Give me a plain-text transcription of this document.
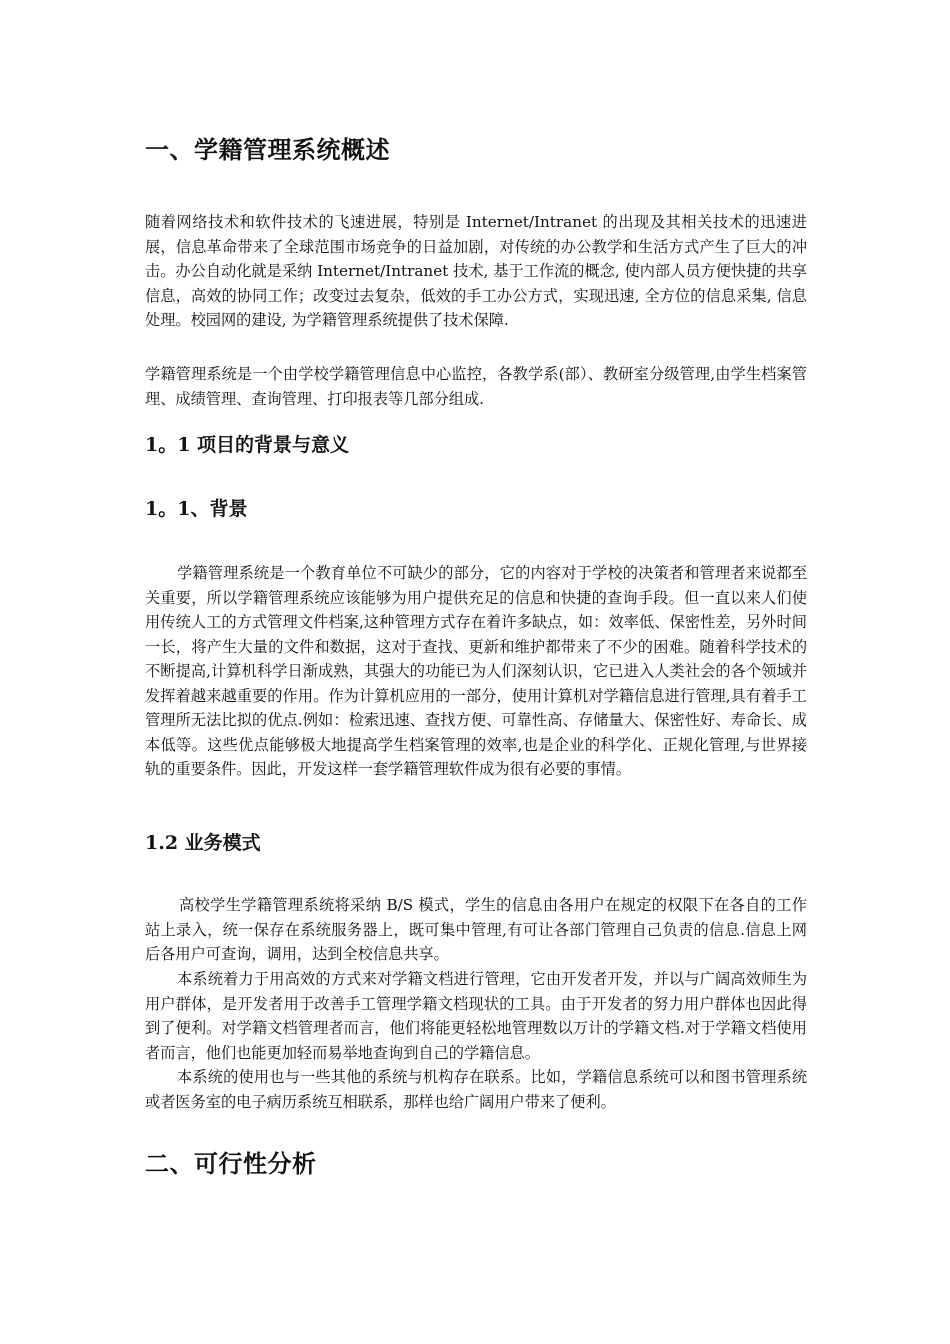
一、学籍管理系统概述

随着网络技术和软件技术的飞速进展，特别是 Internet/Intranet 的出现及其相关技术的迅速进展，信息革命带来了全球范围市场竞争的日益加剧，对传统的办公教学和生活方式产生了巨大的冲击。办公自动化就是采纳 Internet/Intranet 技术, 基于工作流的概念, 使内部人员方便快捷的共享信息，高效的协同工作；改变过去复杂，低效的手工办公方式，实现迅速, 全方位的信息采集, 信息处理。校园网的建设, 为学籍管理系统提供了技术保障.

学籍管理系统是一个由学校学籍管理信息中心监控，各教学系(部）、教研室分级管理,由学生档案管理、成绩管理、查询管理、打印报表等几部分组成.

1。1 项目的背景与意义
1。1、背景

学籍管理系统是一个教育单位不可缺少的部分，它的内容对于学校的决策者和管理者来说都至关重要，所以学籍管理系统应该能够为用户提供充足的信息和快捷的查询手段。但一直以来人们使用传统人工的方式管理文件档案,这种管理方式存在着许多缺点，如：效率低、保密性差，另外时间一长，将产生大量的文件和数据，这对于查找、更新和维护都带来了不少的困难。随着科学技术的不断提高,计算机科学日渐成熟，其强大的功能已为人们深刻认识，它已进入人类社会的各个领域并发挥着越来越重要的作用。作为计算机应用的一部分，使用计算机对学籍信息进行管理,具有着手工管理所无法比拟的优点.例如：检索迅速、查找方便、可靠性高、存储量大、保密性好、寿命长、成本低等。这些优点能够极大地提高学生档案管理的效率,也是企业的科学化、正规化管理,与世界接轨的重要条件。因此，开发这样一套学籍管理软件成为很有必要的事情。

1.2 业务模式

高校学生学籍管理系统将采纳 B/S 模式，学生的信息由各用户在规定的权限下在各自的工作站上录入，统一保存在系统服务器上，既可集中管理,有可让各部门管理自己负责的信息.信息上网后各用户可查询，调用，达到全校信息共享。

本系统着力于用高效的方式来对学籍文档进行管理，它由开发者开发，并以与广阔高效师生为用户群体，是开发者用于改善手工管理学籍文档现状的工具。由于开发者的努力用户群体也因此得到了便利。对学籍文档管理者而言，他们将能更轻松地管理数以万计的学籍文档.对于学籍文档使用者而言，他们也能更加轻而易举地查询到自己的学籍信息。

本系统的使用也与一些其他的系统与机构存在联系。比如，学籍信息系统可以和图书管理系统或者医务室的电子病历系统互相联系，那样也给广阔用户带来了便利。

二、可行性分析
